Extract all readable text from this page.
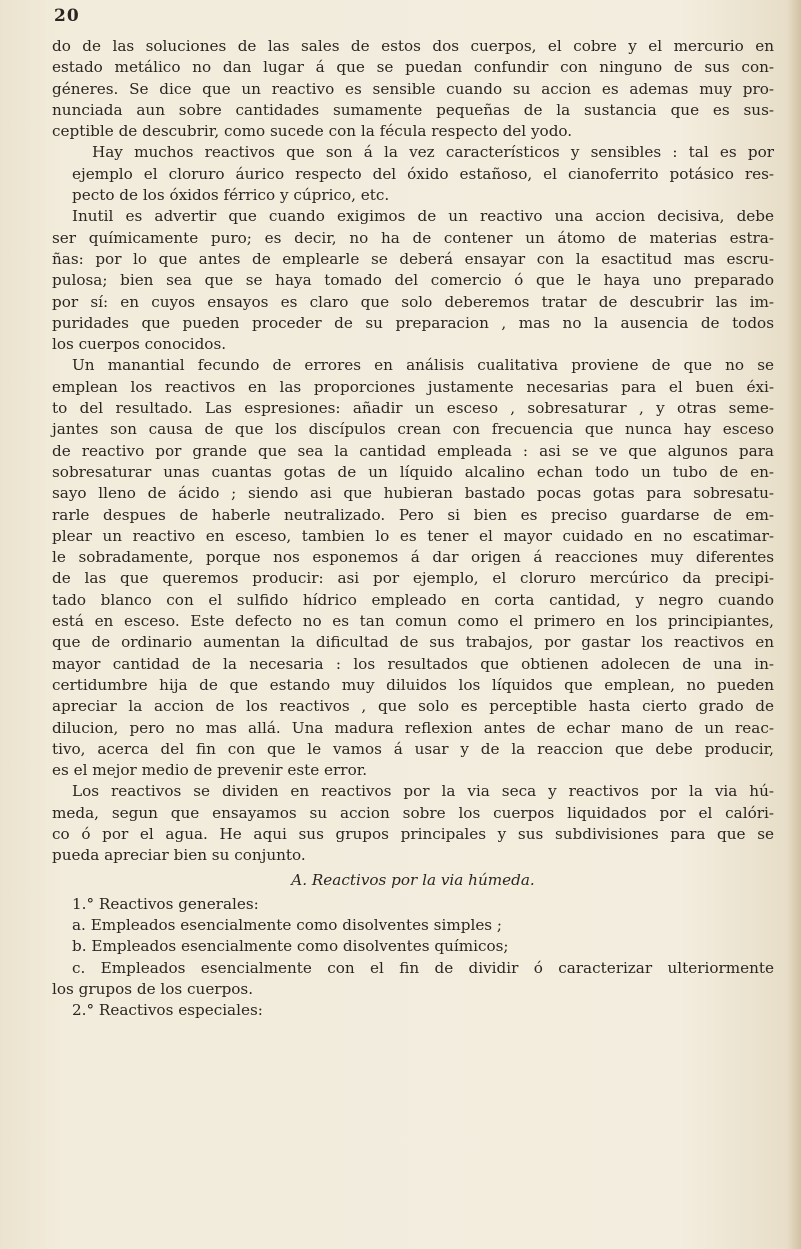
20

do de las soluciones de las sales de estos dos cuerpos, el cobre y el mercurio en
estado metálico no dan lugar á que se puedan confundir con ninguno de sus con-
géneres. Se dice que un reactivo es sensible cuando su accion es ademas muy pro-
nunciada aun sobre cantidades sumamente pequeñas de la sustancia que es sus-
ceptible de descubrir, como sucede con la fécula respecto del yodo.

Hay muchos reactivos que son á la vez característicos y sensibles : tal es por
ejemplo el cloruro áurico respecto del óxido estañoso, el cianoferrito potásico res-
pecto de los óxidos férrico y cúprico, etc.

Inutil es advertir que cuando exigimos de un reactivo una accion decisiva, debe
ser químicamente puro; es decir, no ha de contener un átomo de materias estra-
ñas: por lo que antes de emplearle se deberá ensayar con la esactitud mas escru-
pulosa; bien sea que se haya tomado del comercio ó que le haya uno preparado
por sí: en cuyos ensayos es claro que solo deberemos tratar de descubrir las im-
puridades que pueden proceder de su preparacion , mas no la ausencia de todos
los cuerpos conocidos.

Un manantial fecundo de errores en análisis cualitativa proviene de que no se
emplean los reactivos en las proporciones justamente necesarias para el buen éxi-
to del resultado. Las espresiones: añadir un esceso , sobresaturar , y otras seme-
jantes son causa de que los discípulos crean con frecuencia que nunca hay esceso
de reactivo por grande que sea la cantidad empleada : asi se ve que algunos para
sobresaturar unas cuantas gotas de un líquido alcalino echan todo un tubo de en-
sayo lleno de ácido ; siendo asi que hubieran bastado pocas gotas para sobresatu-
rarle despues de haberle neutralizado. Pero si bien es preciso guardarse de em-
plear un reactivo en esceso, tambien lo es tener el mayor cuidado en no escatimar-
le sobradamente, porque nos esponemos á dar origen á reacciones muy diferentes
de las que queremos producir: asi por ejemplo, el cloruro mercúrico da precipi-
tado blanco con el sulfido hídrico empleado en corta cantidad, y negro cuando
está en esceso. Este defecto no es tan comun como el primero en los principiantes,
que de ordinario aumentan la dificultad de sus trabajos, por gastar los reactivos en
mayor cantidad de la necesaria : los resultados que obtienen adolecen de una in-
certidumbre hija de que estando muy diluidos los líquidos que emplean, no pueden
apreciar la accion de los reactivos , que solo es perceptible hasta cierto grado de
dilucion, pero no mas allá. Una madura reflexion antes de echar mano de un reac-
tivo, acerca del fin con que le vamos á usar y de la reaccion que debe producir,
es el mejor medio de prevenir este error.

Los reactivos se dividen en reactivos por la via seca y reactivos por la via hú-
meda, segun que ensayamos su accion sobre los cuerpos liquidados por el calóri-
co ó por el agua. He aqui sus grupos principales y sus subdivisiones para que se
pueda apreciar bien su conjunto.

A. Reactivos por la via húmeda.
1.° Reactivos generales:
a. Empleados esencialmente como disolventes simples ;
b. Empleados esencialmente como disolventes químicos;
c. Empleados esencialmente con el fin de dividir ó caracterizar ulteriormente
los grupos de los cuerpos.
2.° Reactivos especiales:
